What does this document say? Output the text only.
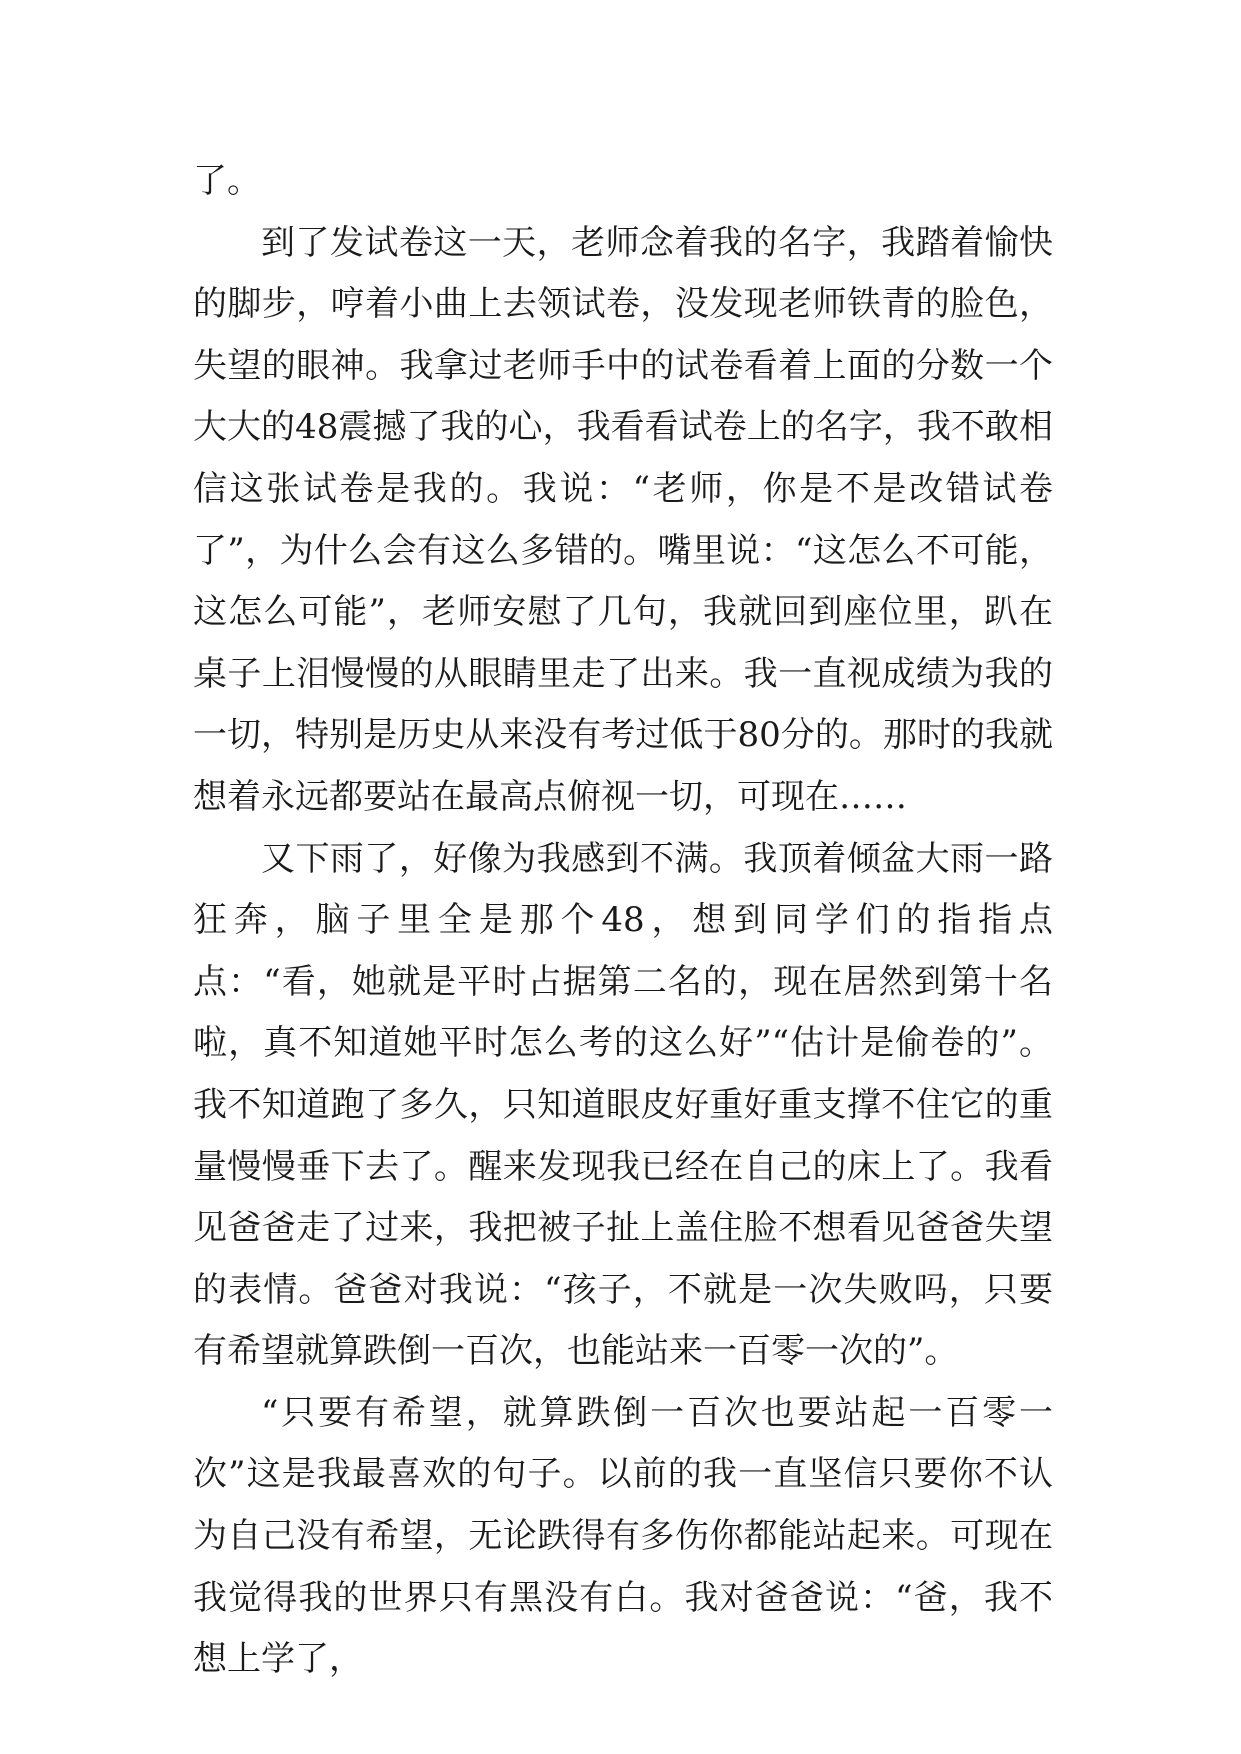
了。

到了发试卷这一天，老师念着我的名字，我踏着愉快的脚步，哼着小曲上去领试卷，没发现老师铁青的脸色，失望的眼神。我拿过老师手中的试卷看着上面的分数一个大大的48震撼了我的心，我看看试卷上的名字，我不敢相信这张试卷是我的。我说：“老师，你是不是改错试卷了”，为什么会有这么多错的。嘴里说：“这怎么不可能，这怎么可能”，老师安慰了几句，我就回到座位里，趴在桌子上泪慢慢的从眼睛里走了出来。我一直视成绩为我的一切，特别是历史从来没有考过低于80分的。那时的我就想着永远都要站在最高点俯视一切，可现在……

又下雨了，好像为我感到不满。我顶着倾盆大雨一路狂奔，脑子里全是那个48，想到同学们的指指点点：“看，她就是平时占据第二名的，现在居然到第十名啦，真不知道她平时怎么考的这么好”“估计是偷卷的”。我不知道跑了多久，只知道眼皮好重好重支撑不住它的重量慢慢垂下去了。醒来发现我已经在自己的床上了。我看见爸爸走了过来，我把被子扯上盖住脸不想看见爸爸失望的表情。爸爸对我说：“孩子，不就是一次失败吗，只要有希望就算跌倒一百次，也能站来一百零一次的”。

“只要有希望，就算跌倒一百次也要站起一百零一次”这是我最喜欢的句子。以前的我一直坚信只要你不认为自己没有希望，无论跌得有多伤你都能站起来。可现在我觉得我的世界只有黑没有白。我对爸爸说：“爸，我不想上学了，
